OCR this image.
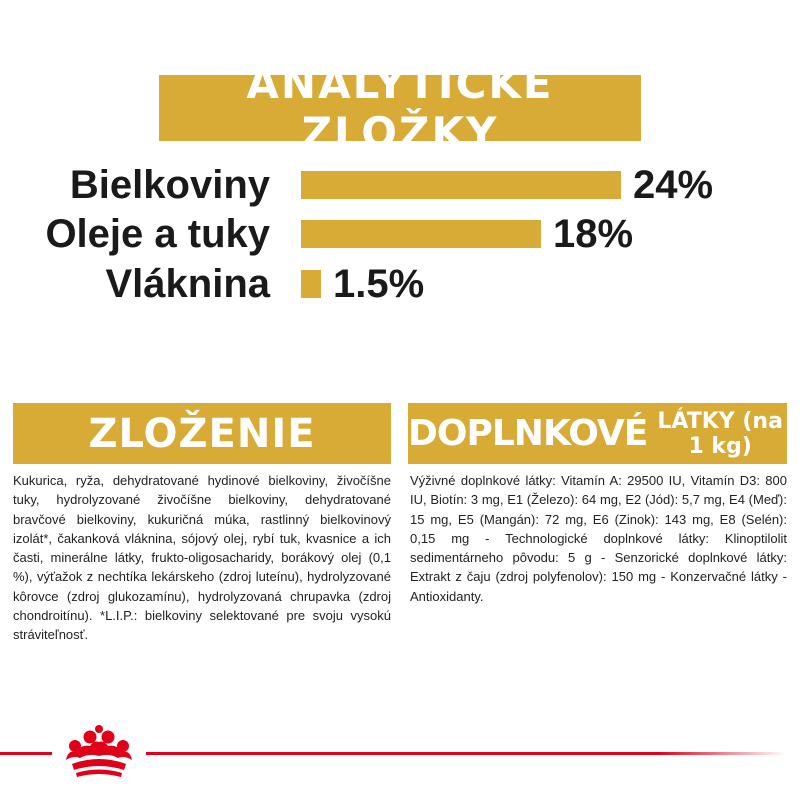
ANALYTICKÉ ZLOŽKY
Bielkoviny	24%
Oleje a tuky	18%
Vláknina 1.5%
ZLOŽENIE	DOPLNKOVÉ LÁTKY (na 1 kg)
Kukurica, ryža, dehydratované hydinové bielkoviny, živočíšne tuky, hydrolyzované živočíšne bielkoviny, dehydratované bravčové bielkoviny, kukuričná múka, rastlinný bielkovinový izolát*, čakanková vláknina, sójový olej, rybí tuk, kvasnice a ich časti, minerálne látky, frukto-oligosacharidy, borákový olej (0,1 %), výťažok z nechtíka lekárskeho (zdroj luteínu), hydrolyzované kôrovce (zdroj glukozamínu), hydrolyzovaná chrupavka (zdroj chondroitínu). *L.I.P.: bielkoviny selektované pre svoju vysokú stráviteľnosť.
Výživné doplnkové látky: Vitamín A: 29500 IU, Vitamín D3: 800 IU, Biotín: 3 mg, E1 (Železo): 64 mg, E2 (Jód): 5,7 mg, E4 (Meď): 15 mg, E5 (Mangán): 72 mg, E6 (Zinok): 143 mg, E8 (Selén): 0,15 mg - Technologické doplnkové látky: Klinoptilolit sedimentárneho pôvodu: 5 g - Senzorické doplnkové látky: Extrakt z čaju (zdroj polyfenolov): 150 mg - Konzervačné látky - Antioxidanty.
